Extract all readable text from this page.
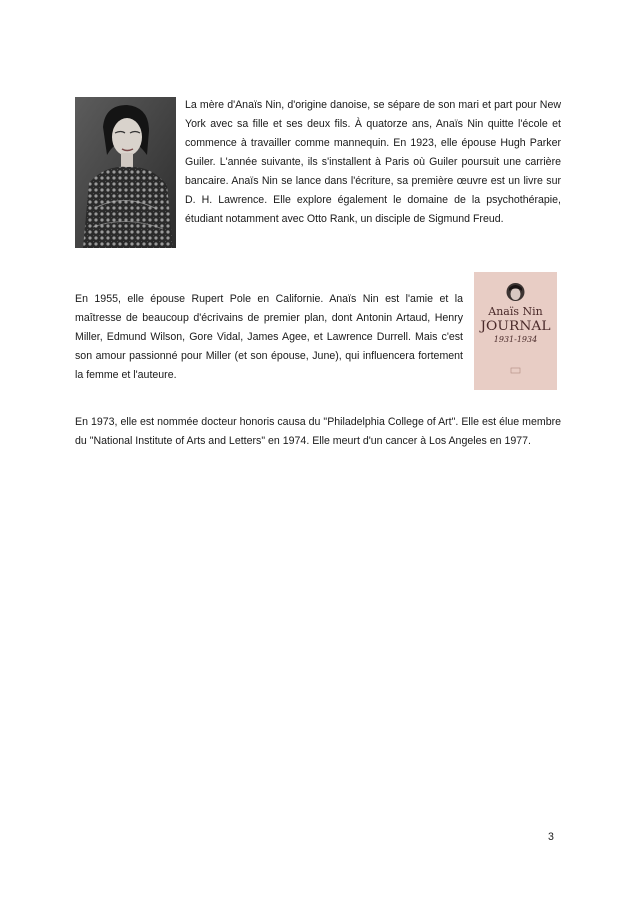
La mère d'Anaïs Nin, d'origine danoise, se sépare de son mari et part pour New York avec sa fille et ses deux fils. À quatorze ans, Anaïs Nin quitte l'école et commence à travailler comme mannequin. En 1923, elle épouse Hugh Parker Guiler. L'année suivante, ils s'installent à Paris où Guiler poursuit une carrière bancaire. Anaïs Nin se lance dans l'écriture, sa première œuvre est un livre sur D. H. Lawrence. Elle explore également le domaine de la psychothérapie, étudiant notamment avec Otto Rank, un disciple de Sigmund Freud.

En 1955, elle épouse Rupert Pole en Californie. Anaïs Nin est l'amie et la maîtresse de beaucoup d'écrivains de premier plan, dont Antonin Artaud, Henry Miller, Edmund Wilson, Gore Vidal, James Agee, et Lawrence Durrell. Mais c'est son amour passionné pour Miller (et son épouse, June), qui influencera fortement la femme et l'auteure.

Anaïs Nin
JOURNAL
1931-1934

En 1973, elle est nommée docteur honoris causa du "Philadelphia College of Art". Elle est élue membre du "National Institute of Arts and Letters" en 1974. Elle meurt d'un cancer à Los Angeles en 1977.

3
